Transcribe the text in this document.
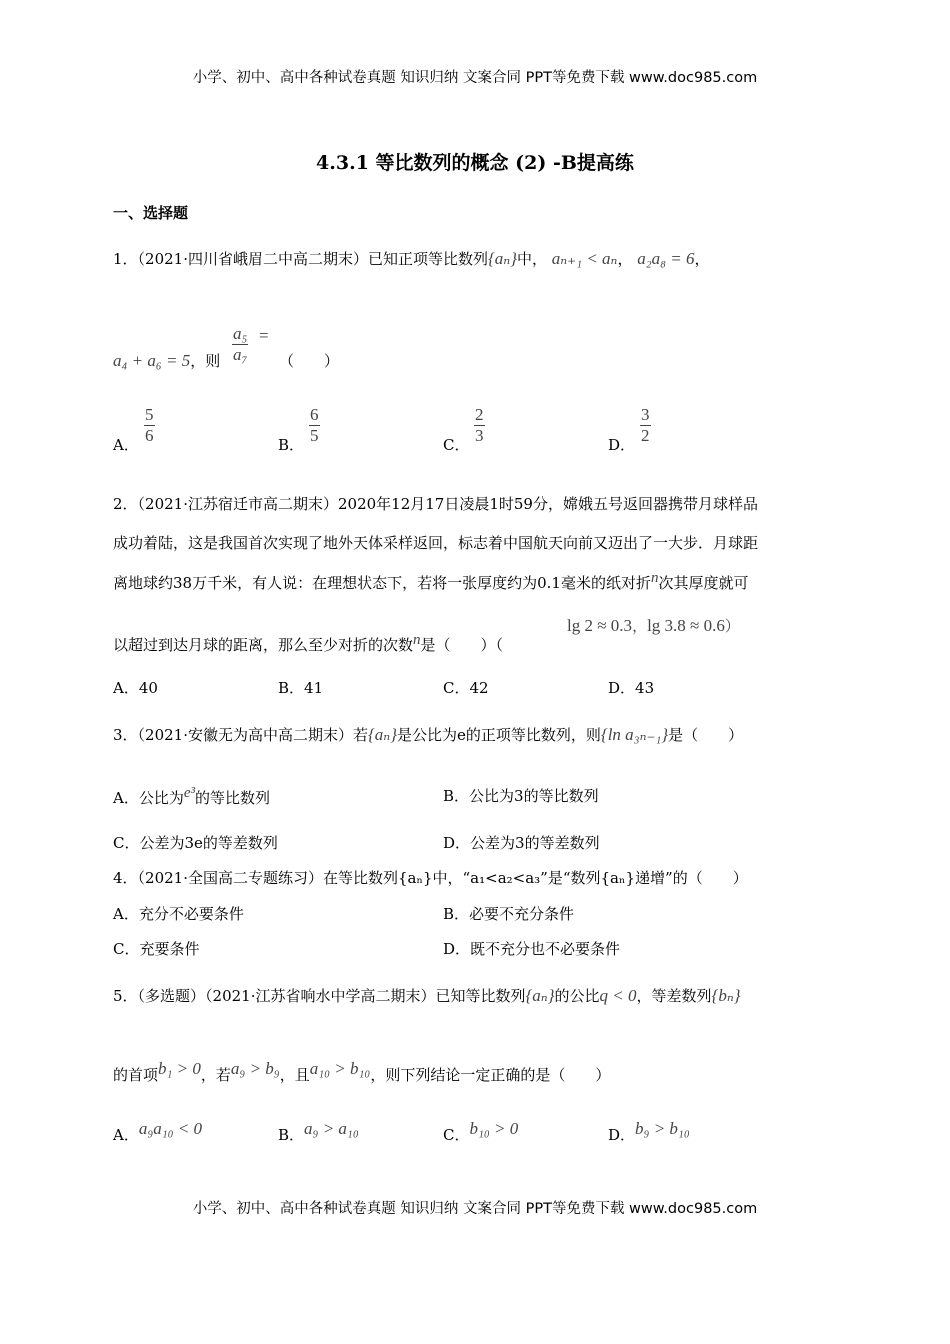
小学、初中、高中各种试卷真题 知识归纳 文案合同 PPT等免费下载 www.doc985.com
4.3.1 等比数列的概念 (2) -B提高练
一、选择题
1．（2021·四川省峨眉二中高二期末）已知正项等比数列{aₙ}中， aₙ₊₁ < aₙ， a₂a₈ = 6，
a₄ + a₆ = 5，则
a₅
a₇
=
（　　）
A．
5
6	B．
6
5	C．
2
3	D．
3
2
2．（2021·江苏宿迁市高二期末）2020年12月17日凌晨1时59分，嫦娥五号返回器携带月球样品
成功着陆，这是我国首次实现了地外天体采样返回，标志着中国航天向前又迈出了一大步．月球距
离地球约38万千米，有人说：在理想状态下，若将一张厚度约为0.1毫米的纸对折$^n$次其厚度就可
以超过到达月球的距离，那么至少对折的次数$^n$是（　　）（
lg 2 ≈ 0.3，lg 3.8 ≈ 0.6）
A．40	B．41	C．42	D．43
3．（2021·安徽无为高中高二期末）若{aₙ}是公比为e的正项等比数列，则{ln a₃ₙ₋₁}是（　　）
A．公比为$^{e^3}$的等比数列	B．公比为3的等比数列
C．公差为3e的等差数列	D．公差为3的等差数列
4．（2021·全国高二专题练习）在等比数列{aₙ}中，“a₁<a₂<a₃”是“数列{aₙ}递增”的（　　）
A．充分不必要条件	B．必要不充分条件
C．充要条件	D．既不充分也不必要条件
5．（多选题）（2021·江苏省响水中学高二期末）已知等比数列{aₙ}的公比q < 0，等差数列{bₙ}
的首项$^{b_1 > 0}$，若$^{a_9 > b_9}$，且$^{a_{10} > b_{10}}$，则下列结论一定正确的是（　　）
A．$^{a_9a_{10} < 0}$	B．$^{a_9 > a_{10}}$	C．$^{b_{10} > 0}$	D．$^{b_9 > b_{10}}$
小学、初中、高中各种试卷真题 知识归纳 文案合同 PPT等免费下载 www.doc985.com
